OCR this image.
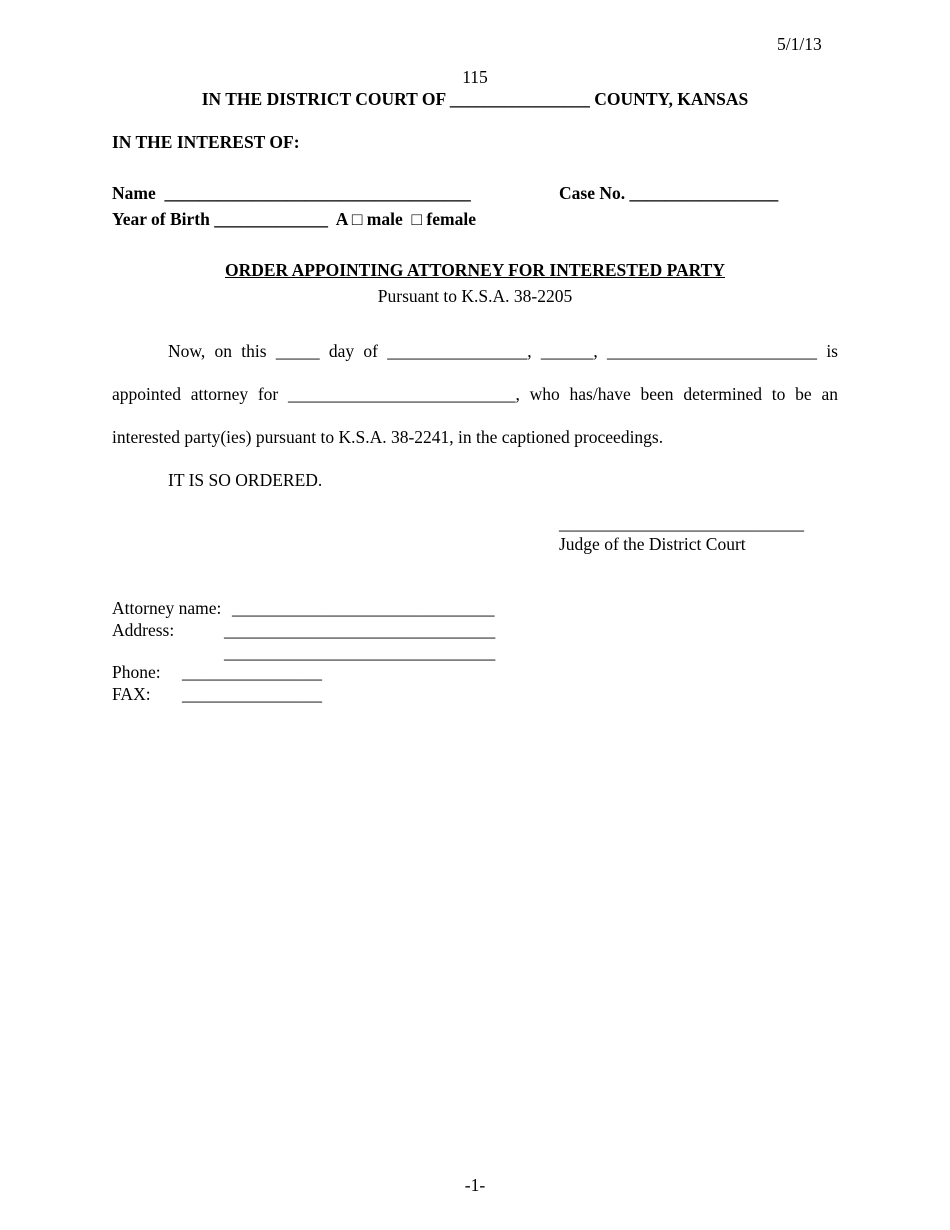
5/1/13
115
IN THE DISTRICT COURT OF ________________ COUNTY, KANSAS
IN THE INTEREST OF:
Name  ___________________________________	Case No. _________________
Year of Birth _____________  A □ male  □ female
ORDER APPOINTING ATTORNEY FOR INTERESTED PARTY
Pursuant to K.S.A. 38-2205
Now, on this _____ day of ________________, ______, ________________________ is
appointed attorney for __________________________, who has/have been determined to be an
interested party(ies) pursuant to K.S.A. 38-2241, in the captioned proceedings.
IT IS SO ORDERED.
____________________________
Judge of the District Court
Attorney name: ______________________________
Address:	_______________________________
_______________________________
Phone: ________________
FAX: ________________
-1-
